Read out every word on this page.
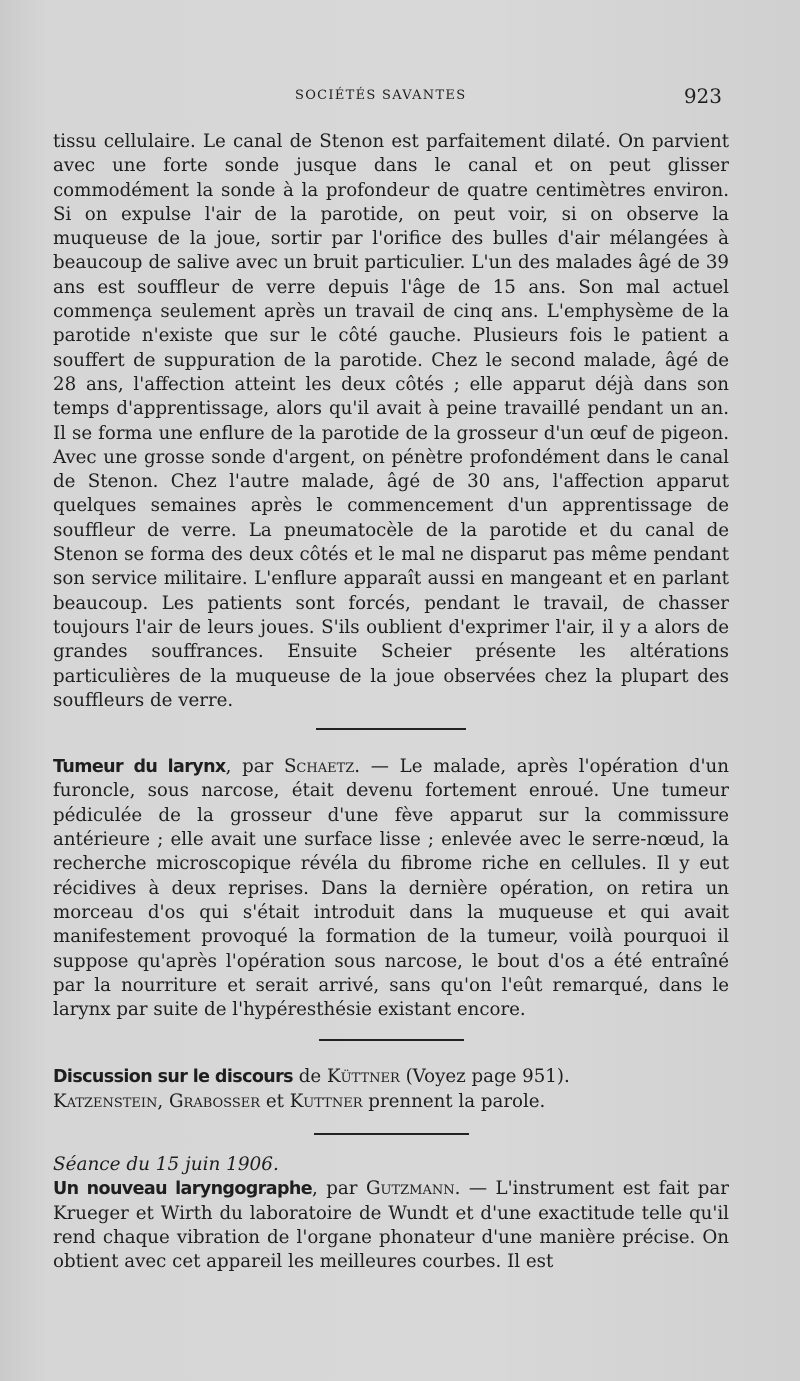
SOCIÉTÉS SAVANTES	923

tissu cellulaire. Le canal de Stenon est parfaitement dilaté. On parvient avec une forte sonde jusque dans le canal et on peut glisser commodément la sonde à la profondeur de quatre centimètres environ. Si on expulse l'air de la parotide, on peut voir, si on observe la muqueuse de la joue, sortir par l'orifice des bulles d'air mélangées à beaucoup de salive avec un bruit particulier. L'un des malades âgé de 39 ans est souffleur de verre depuis l'âge de 15 ans. Son mal actuel commença seulement après un travail de cinq ans. L'emphysème de la parotide n'existe que sur le côté gauche. Plusieurs fois le patient a souffert de suppuration de la parotide. Chez le second malade, âgé de 28 ans, l'affection atteint les deux côtés ; elle apparut déjà dans son temps d'apprentissage, alors qu'il avait à peine travaillé pendant un an. Il se forma une enflure de la parotide de la grosseur d'un œuf de pigeon. Avec une grosse sonde d'argent, on pénètre profondément dans le canal de Stenon. Chez l'autre malade, âgé de 30 ans, l'affection apparut quelques semaines après le commencement d'un apprentissage de souffleur de verre. La pneumatocèle de la parotide et du canal de Stenon se forma des deux côtés et le mal ne disparut pas même pendant son service militaire. L'enflure apparaît aussi en mangeant et en parlant beaucoup. Les patients sont forcés, pendant le travail, de chasser toujours l'air de leurs joues. S'ils oublient d'exprimer l'air, il y a alors de grandes souffrances. Ensuite Scheier présente les altérations particulières de la muqueuse de la joue observées chez la plupart des souffleurs de verre.

Tumeur du larynx, par Schaetz. — Le malade, après l'opération d'un furoncle, sous narcose, était devenu fortement enroué. Une tumeur pédiculée de la grosseur d'une fève apparut sur la commissure antérieure ; elle avait une surface lisse ; enlevée avec le serre-nœud, la recherche microscopique révéla du fibrome riche en cellules. Il y eut récidives à deux reprises. Dans la dernière opération, on retira un morceau d'os qui s'était introduit dans la muqueuse et qui avait manifestement provoqué la formation de la tumeur, voilà pourquoi il suppose qu'après l'opération sous narcose, le bout d'os a été entraîné par la nourriture et serait arrivé, sans qu'on l'eût remarqué, dans le larynx par suite de l'hypéresthésie existant encore.

Discussion sur le discours de Küttner (Voyez page 951).
Katzenstein, Grabosser et Kuttner prennent la parole.

Séance du 15 juin 1906.

Un nouveau laryngographe, par Gutzmann. — L'instrument est fait par Krueger et Wirth du laboratoire de Wundt et d'une exactitude telle qu'il rend chaque vibration de l'organe phonateur d'une manière précise. On obtient avec cet appareil les meilleures courbes. Il est
